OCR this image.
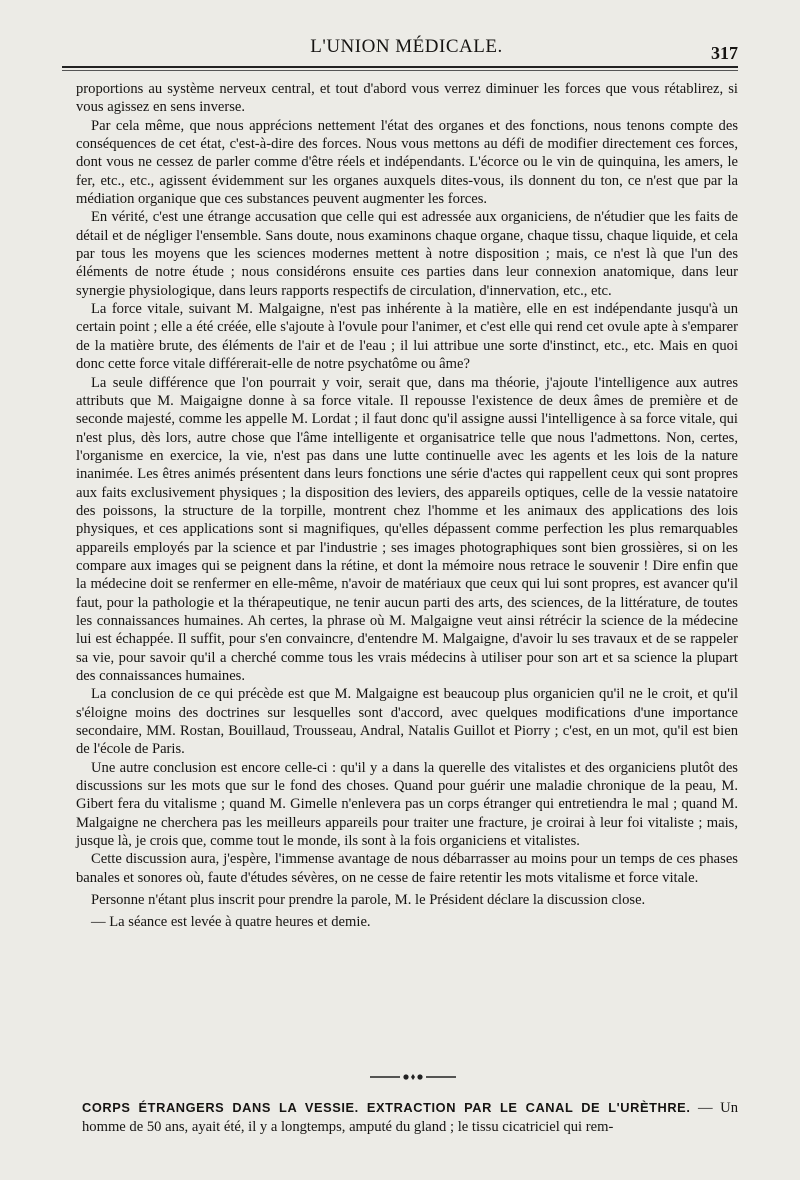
L'UNION MÉDICALE.	317

proportions au système nerveux central, et tout d'abord vous verrez diminuer les forces que vous rétablirez, si vous agissez en sens inverse.

Par cela même, que nous apprécions nettement l'état des organes et des fonctions, nous tenons compte des conséquences de cet état, c'est-à-dire des forces. Nous vous mettons au défi de modifier directement ces forces, dont vous ne cessez de parler comme d'être réels et indépendants. L'écorce ou le vin de quinquina, les amers, le fer, etc., etc., agissent évidemment sur les organes auxquels dites-vous, ils donnent du ton, ce n'est que par la médiation organique que ces substances peuvent augmenter les forces.

En vérité, c'est une étrange accusation que celle qui est adressée aux organiciens, de n'étudier que les faits de détail et de négliger l'ensemble. Sans doute, nous examinons chaque organe, chaque tissu, chaque liquide, et cela par tous les moyens que les sciences modernes mettent à notre disposition ; mais, ce n'est là que l'un des éléments de notre étude ; nous considérons ensuite ces parties dans leur connexion anatomique, dans leur synergie physiologique, dans leurs rapports respectifs de circulation, d'innervation, etc., etc.

La force vitale, suivant M. Malgaigne, n'est pas inhérente à la matière, elle en est indépendante jusqu'à un certain point ; elle a été créée, elle s'ajoute à l'ovule pour l'animer, et c'est elle qui rend cet ovule apte à s'emparer de la matière brute, des éléments de l'air et de l'eau ; il lui attribue une sorte d'instinct, etc., etc. Mais en quoi donc cette force vitale différerait-elle de notre psychatôme ou âme?

La seule différence que l'on pourrait y voir, serait que, dans ma théorie, j'ajoute l'intelligence aux autres attributs que M. Maigaigne donne à sa force vitale. Il repousse l'existence de deux âmes de première et de seconde majesté, comme les appelle M. Lordat ; il faut donc qu'il assigne aussi l'intelligence à sa force vitale, qui n'est plus, dès lors, autre chose que l'âme intelligente et organisatrice telle que nous l'admettons. Non, certes, l'organisme en exercice, la vie, n'est pas dans une lutte continuelle avec les agents et les lois de la nature inanimée. Les êtres animés présentent dans leurs fonctions une série d'actes qui rappellent ceux qui sont propres aux faits exclusivement physiques ; la disposition des leviers, des appareils optiques, celle de la vessie natatoire des poissons, la structure de la torpille, montrent chez l'homme et les animaux des applications des lois physiques, et ces applications sont si magnifiques, qu'elles dépassent comme perfection les plus remarquables appareils employés par la science et par l'industrie ; ses images photographiques sont bien grossières, si on les compare aux images qui se peignent dans la rétine, et dont la mémoire nous retrace le souvenir ! Dire enfin que la médecine doit se renfermer en elle-même, n'avoir de matériaux que ceux qui lui sont propres, est avancer qu'il faut, pour la pathologie et la thérapeutique, ne tenir aucun parti des arts, des sciences, de la littérature, de toutes les connaissances humaines. Ah certes, la phrase où M. Malgaigne veut ainsi rétrécir la science de la médecine lui est échappée. Il suffit, pour s'en convaincre, d'entendre M. Malgaigne, d'avoir lu ses travaux et de se rappeler sa vie, pour savoir qu'il a cherché comme tous les vrais médecins à utiliser pour son art et sa science la plupart des connaissances humaines.

La conclusion de ce qui précède est que M. Malgaigne est beaucoup plus organicien qu'il ne le croit, et qu'il s'éloigne moins des doctrines sur lesquelles sont d'accord, avec quelques modifications d'une importance secondaire, MM. Rostan, Bouillaud, Trousseau, Andral, Natalis Guillot et Piorry ; c'est, en un mot, qu'il est bien de l'école de Paris.

Une autre conclusion est encore celle-ci : qu'il y a dans la querelle des vitalistes et des organiciens plutôt des discussions sur les mots que sur le fond des choses. Quand pour guérir une maladie chronique de la peau, M. Gibert fera du vitalisme ; quand M. Gimelle n'enlevera pas un corps étranger qui entretiendra le mal ; quand M. Malgaigne ne cherchera pas les meilleurs appareils pour traiter une fracture, je croirai à leur foi vitaliste ; mais, jusque là, je crois que, comme tout le monde, ils sont à la fois organiciens et vitalistes.

Cette discussion aura, j'espère, l'immense avantage de nous débarrasser au moins pour un temps de ces phases banales et sonores où, faute d'études sévères, on ne cesse de faire retentir les mots vitalisme et force vitale.

Personne n'étant plus inscrit pour prendre la parole, M. le Président déclare la discussion close.

— La séance est levée à quatre heures et demie.

CORPS ÉTRANGERS DANS LA VESSIE. EXTRACTION PAR LE CANAL DE L'URÈTHRE. — Un homme de 50 ans, ayait été, il y a longtemps, amputé du gland ; le tissu cicatriciel qui rem-
